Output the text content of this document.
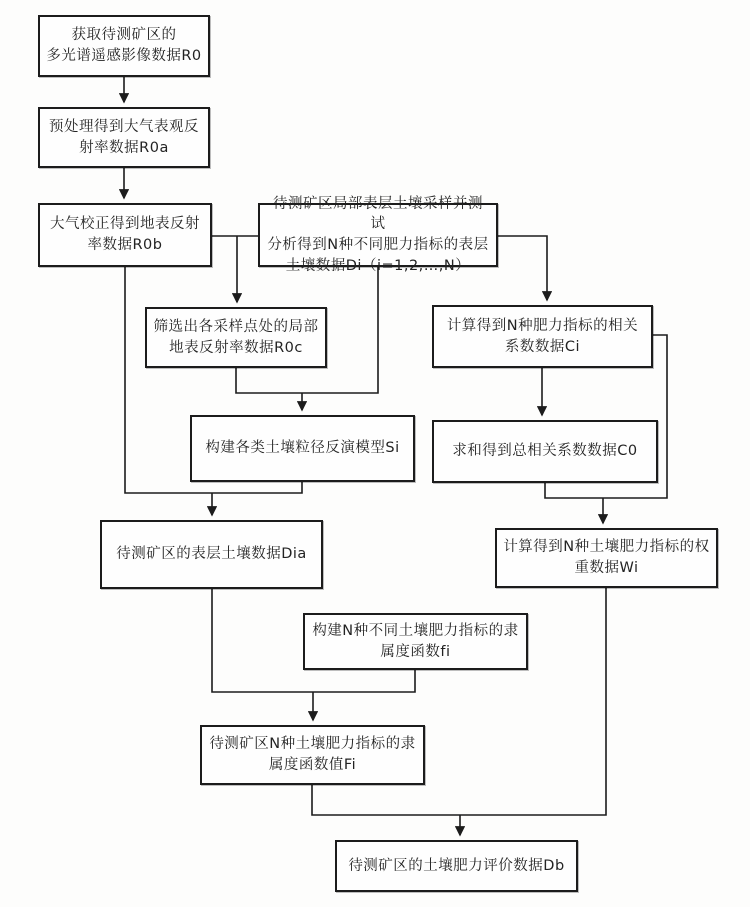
获取待测矿区的
多光谱遥感影像数据R0
预处理得到大气表观反
射率数据R0a
大气校正得到地表反射
率数据R0b
待测矿区局部表层土壤采样并测试
分析得到N种不同肥力指标的表层
土壤数据Di（i=1,2,…,N）
筛选出各采样点处的局部
地表反射率数据R0c
计算得到N种肥力指标的相关
系数数据Ci
构建各类土壤粒径反演模型Si	求和得到总相关系数数据C0
待测矿区的表层土壤数据Dia	计算得到N种土壤肥力指标的权
重数据Wi
构建N种不同土壤肥力指标的隶
属度函数fi
待测矿区N种土壤肥力指标的隶
属度函数值Fi
待测矿区的土壤肥力评价数据Db
